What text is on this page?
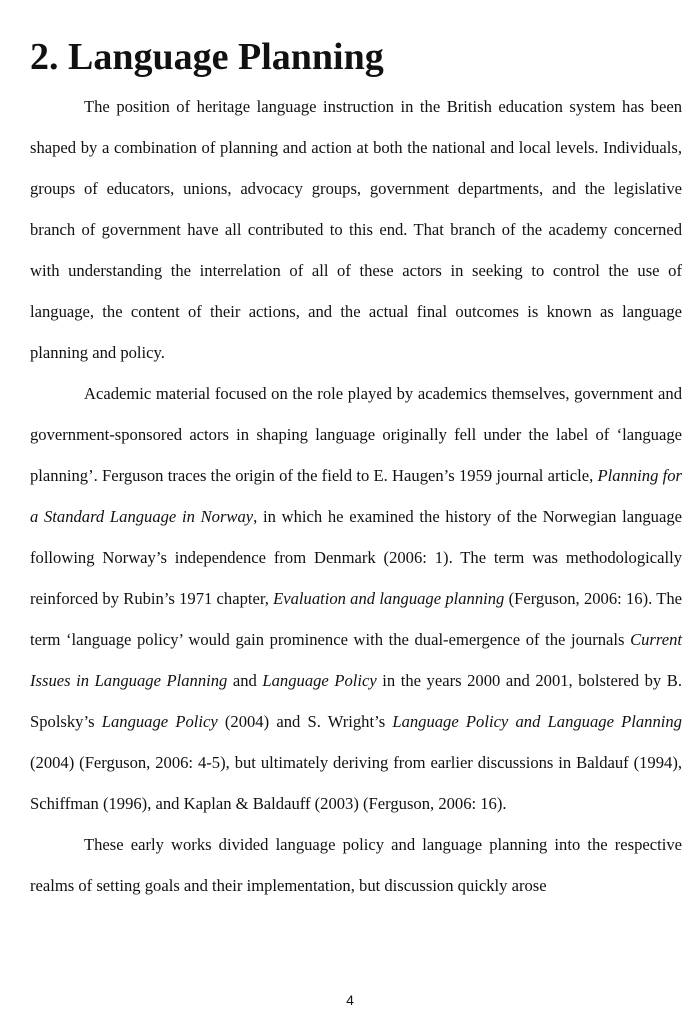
2. Language Planning

The position of heritage language instruction in the British education system has been shaped by a combination of planning and action at both the national and local levels. Individuals, groups of educators, unions, advocacy groups, government departments, and the legislative branch of government have all contributed to this end. That branch of the academy concerned with understanding the interrelation of all of these actors in seeking to control the use of language, the content of their actions, and the actual final outcomes is known as language planning and policy.

Academic material focused on the role played by academics themselves, government and government-sponsored actors in shaping language originally fell under the label of ‘language planning’. Ferguson traces the origin of the field to E. Haugen’s 1959 journal article, Planning for a Standard Language in Norway, in which he examined the history of the Norwegian language following Norway’s independence from Denmark (2006: 1). The term was methodologically reinforced by Rubin’s 1971 chapter, Evaluation and language planning (Ferguson, 2006: 16). The term ‘language policy’ would gain prominence with the dual-emergence of the journals Current Issues in Language Planning and Language Policy in the years 2000 and 2001, bolstered by B. Spolsky’s Language Policy (2004) and S. Wright’s Language Policy and Language Planning (2004) (Ferguson, 2006: 4-5), but ultimately deriving from earlier discussions in Baldauf (1994), Schiffman (1996), and Kaplan & Baldauff (2003) (Ferguson, 2006: 16).

These early works divided language policy and language planning into the respective realms of setting goals and their implementation, but discussion quickly arose

4
